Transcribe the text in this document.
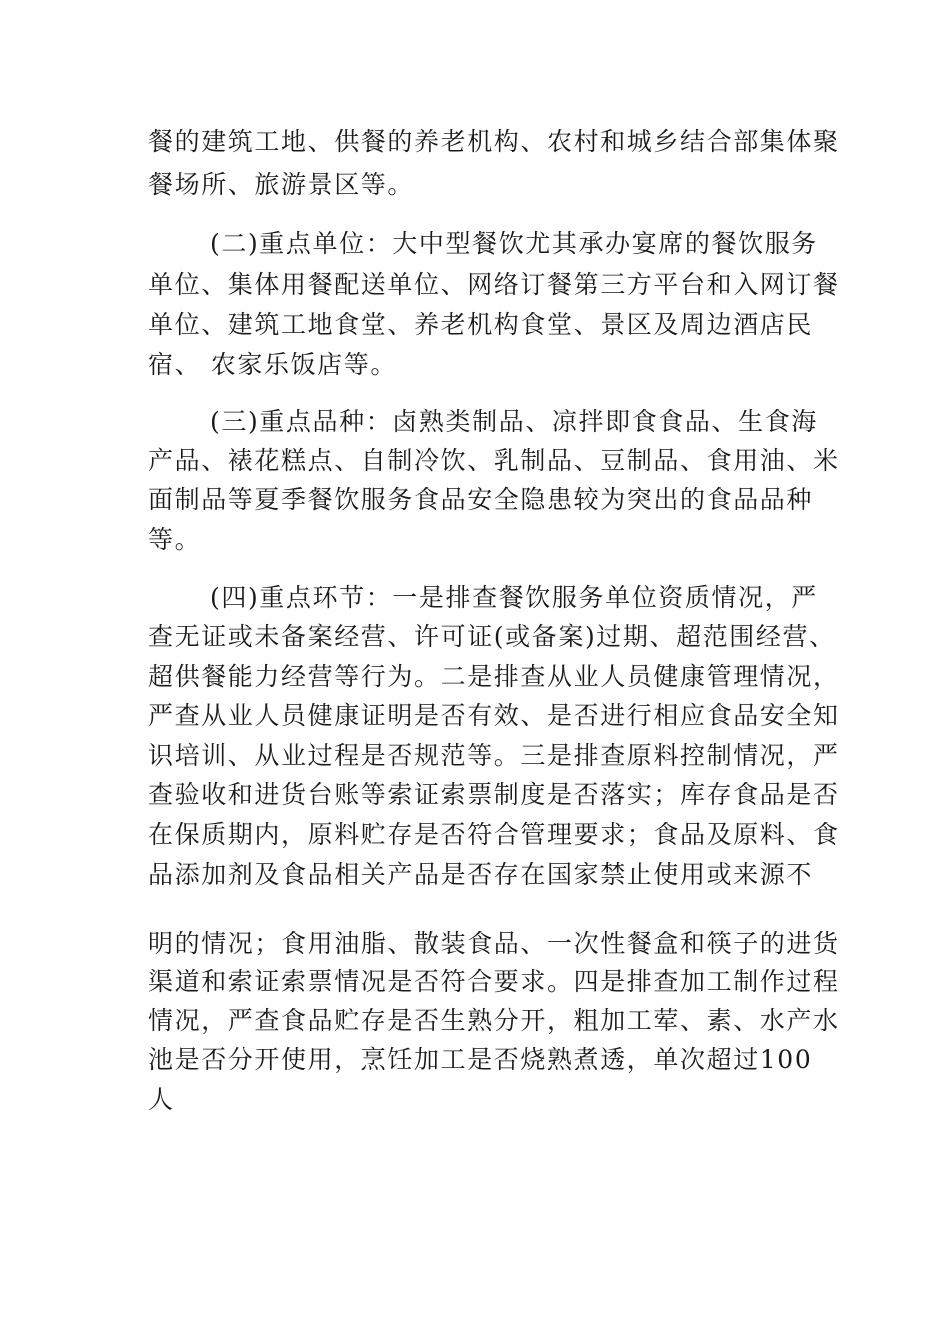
餐的建筑工地、供餐的养老机构、农村和城乡结合部集体聚
餐场所、旅游景区等。
(二)重点单位：大中型餐饮尤其承办宴席的餐饮服务
单位、集体用餐配送单位、网络订餐第三方平台和入网订餐
单位、建筑工地食堂、养老机构食堂、景区及周边酒店民
宿、 农家乐饭店等。
(三)重点品种：卤熟类制品、凉拌即食食品、生食海
产品、裱花糕点、自制冷饮、乳制品、豆制品、食用油、米
面制品等夏季餐饮服务食品安全隐患较为突出的食品品种
等。
(四)重点环节：一是排查餐饮服务单位资质情况，严
查无证或未备案经营、许可证(或备案)过期、超范围经营、
超供餐能力经营等行为。二是排查从业人员健康管理情况，
严查从业人员健康证明是否有效、是否进行相应食品安全知
识培训、从业过程是否规范等。三是排查原料控制情况，严
查验收和进货台账等索证索票制度是否落实；库存食品是否
在保质期内，原料贮存是否符合管理要求；食品及原料、食
品添加剂及食品相关产品是否存在国家禁止使用或来源不
明的情况；食用油脂、散装食品、一次性餐盒和筷子的进货
渠道和索证索票情况是否符合要求。四是排查加工制作过程
情况，严查食品贮存是否生熟分开，粗加工荤、素、水产水
池是否分开使用，烹饪加工是否烧熟煮透，单次超过100
人
